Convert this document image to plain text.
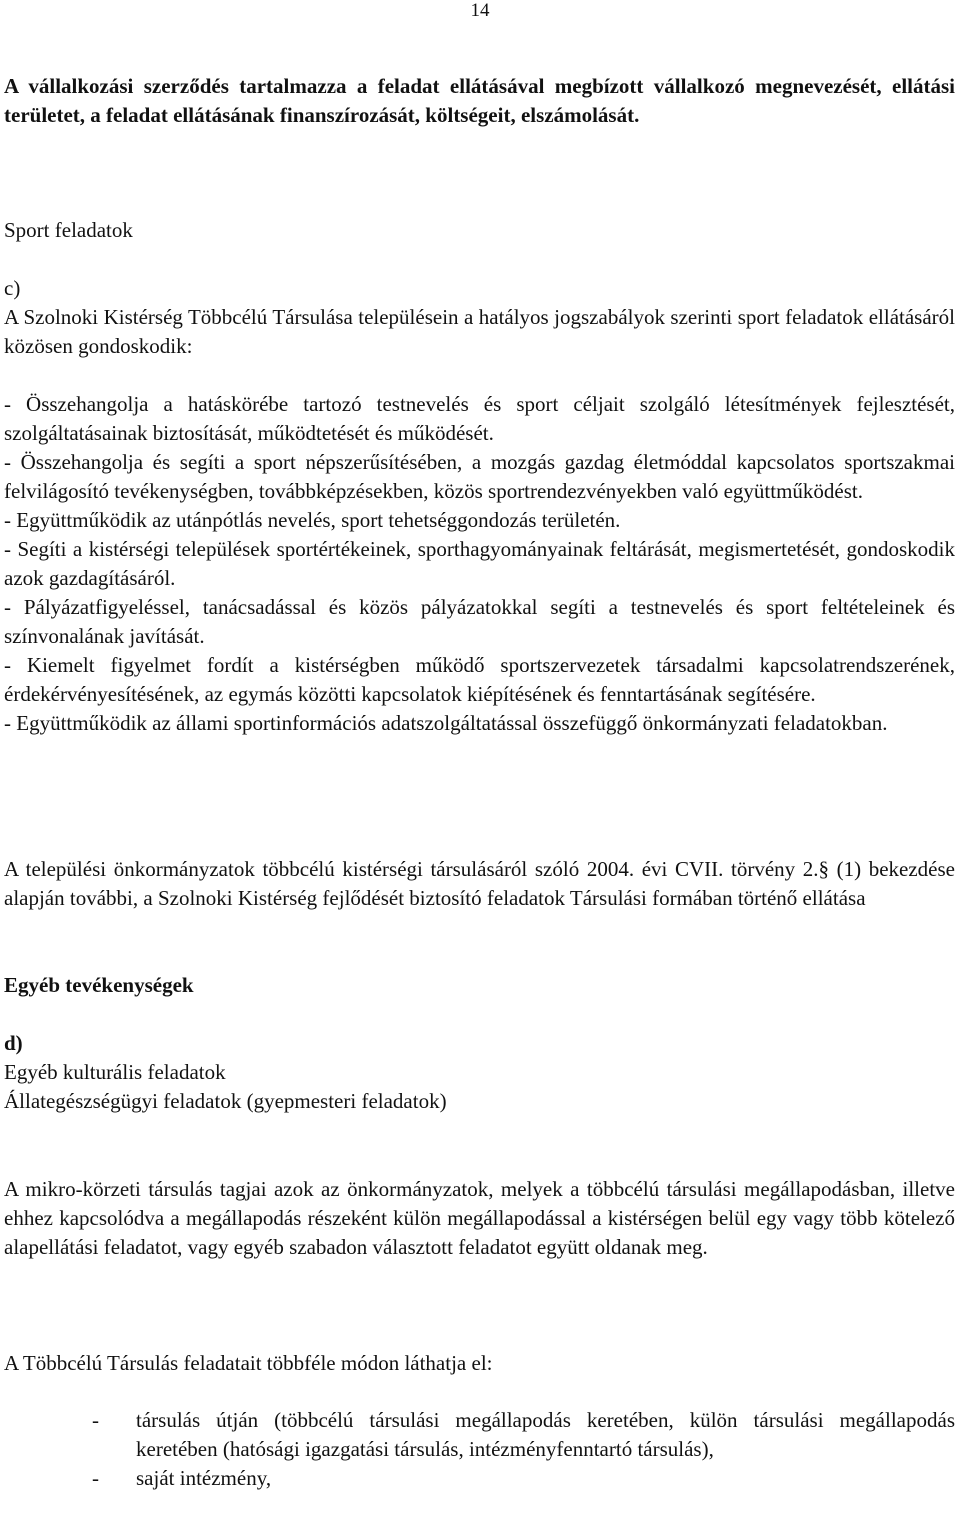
14

A vállalkozási szerződés tartalmazza a feladat ellátásával megbízott vállalkozó megnevezését, ellátási területet, a feladat ellátásának finanszírozását, költségeit, elszámolását.

Sport feladatok

c)

A Szolnoki Kistérség Többcélú Társulása településein a hatályos jogszabályok szerinti sport feladatok ellátásáról közösen gondoskodik:

- Összehangolja a hatáskörébe tartozó testnevelés és sport céljait szolgáló létesítmények fejlesztését, szolgáltatásainak biztosítását, működtetését és működését.
- Összehangolja és segíti a sport népszerűsítésében, a mozgás gazdag életmóddal kapcsolatos sportszakmai felvilágosító tevékenységben, továbbképzésekben, közös sportrendezvényekben való együttműködést.
- Együttműködik az utánpótlás nevelés, sport tehetséggondozás területén.
- Segíti a kistérségi települések sportértékeinek, sporthagyományainak feltárását, megismertetését, gondoskodik azok gazdagításáról.
- Pályázatfigyeléssel, tanácsadással és közös pályázatokkal segíti a testnevelés és sport feltételeinek és színvonalának javítását.
- Kiemelt figyelmet fordít a kistérségben működő sportszervezetek társadalmi kapcsolatrendszerének, érdekérvényesítésének, az egymás közötti kapcsolatok kiépítésének és fenntartásának segítésére.
- Együttműködik az állami sportinformációs adatszolgáltatással összefüggő önkormányzati feladatokban.

A települési önkormányzatok többcélú kistérségi társulásáról szóló 2004. évi CVII. törvény 2.§ (1) bekezdése alapján további, a Szolnoki Kistérség fejlődését biztosító feladatok Társulási formában történő ellátása

Egyéb tevékenységek

d)

Egyéb kulturális feladatok
Állategészségügyi feladatok (gyepmesteri feladatok)

A mikro-körzeti társulás tagjai azok az önkormányzatok, melyek a többcélú társulási megállapodásban, illetve ehhez kapcsolódva a megállapodás részeként külön megállapodással a kistérségen belül egy vagy több kötelező alapellátási feladatot, vagy egyéb szabadon választott feladatot együtt oldanak meg.

A Többcélú Társulás feladatait többféle módon láthatja el:

- társulás útján (többcélú társulási megállapodás keretében, külön társulási megállapodás keretében (hatósági igazgatási társulás, intézményfenntartó társulás),
- saját intézmény,
